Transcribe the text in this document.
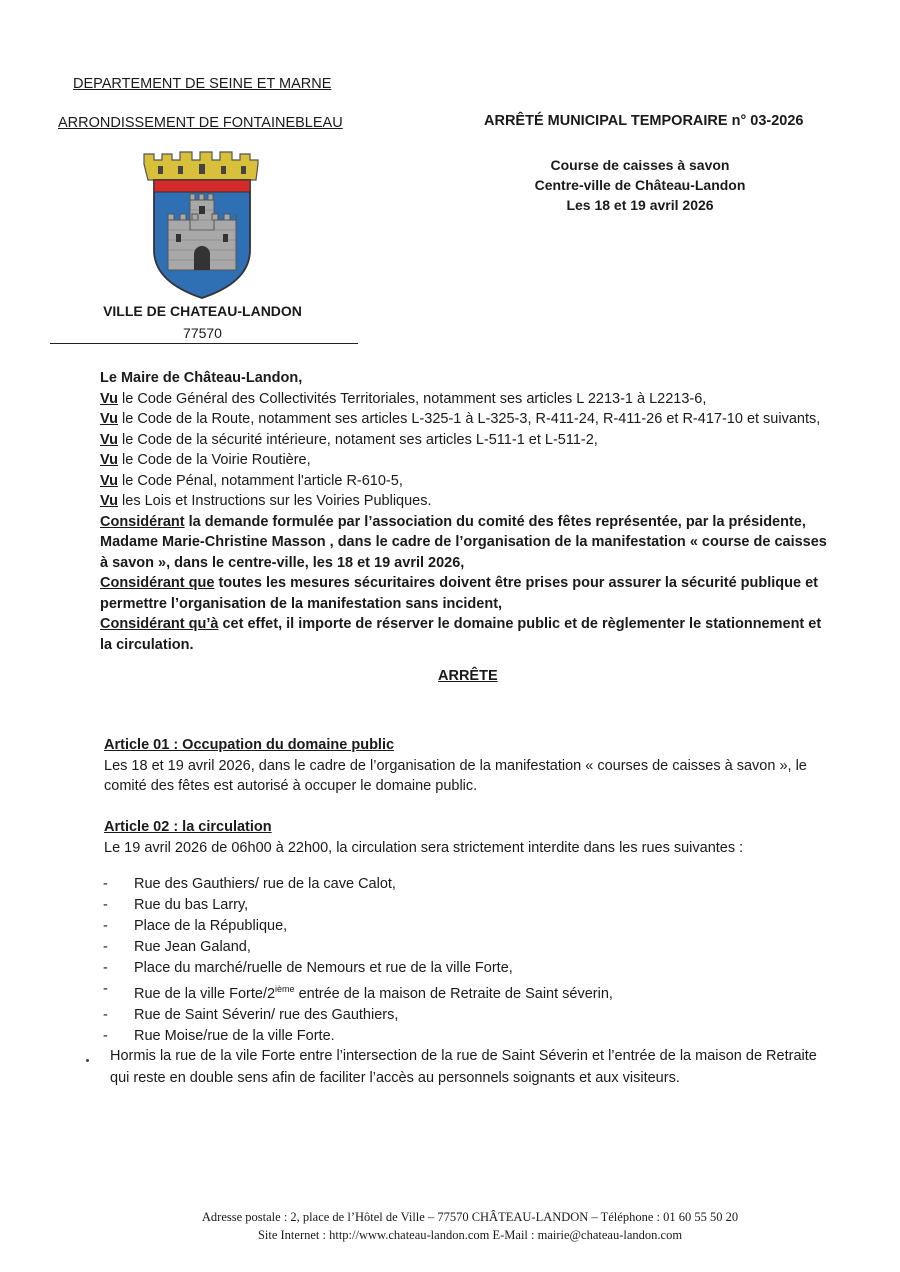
DEPARTEMENT DE SEINE ET MARNE
ARRONDISSEMENT DE FONTAINEBLEAU	ARRÊTÉ MUNICIPAL TEMPORAIRE n° 03-2026
Course de caisses à savon
Centre-ville de Château-Landon
Les 18 et 19 avril 2026
VILLE DE CHATEAU-LANDON
77570
Le Maire de Château-Landon,
Vu le Code Général des Collectivités Territoriales, notamment ses articles L 2213-1 à L2213-6,
Vu le Code de la Route, notamment ses articles L-325-1 à L-325-3, R-411-24, R-411-26 et R-417-10 et suivants,
Vu le Code de la sécurité intérieure, notament ses articles L-511-1 et L-511-2,
Vu le Code de la Voirie Routière,
Vu le Code Pénal, notamment l'article R-610-5,
Vu les Lois et Instructions sur les Voiries Publiques.
Considérant la demande formulée par l’association du comité des fêtes représentée, par la présidente,
Madame Marie-Christine Masson , dans le cadre de l’organisation de la manifestation « course de caisses
à savon », dans le centre-ville, les 18 et 19 avril 2026,
Considérant que toutes les mesures sécuritaires doivent être prises pour assurer la sécurité publique et
permettre l’organisation de la manifestation sans incident,
Considérant qu’à cet effet, il importe de réserver le domaine public et de règlementer le stationnement et
la circulation.
ARRÊTE
Article 01 : Occupation du domaine public
Les 18 et 19 avril 2026, dans le cadre de l’organisation de la manifestation « courses de caisses à savon », le
comité des fêtes est autorisé à occuper le domaine public.
Article 02 : la circulation
Le 19 avril 2026 de 06h00 à 22h00, la circulation sera strictement interdite dans les rues suivantes :
-	Rue des Gauthiers/ rue de la cave Calot,
-	Rue du bas Larry,
-	Place de la République,
-	Rue Jean Galand,
-	Place du marché/ruelle de Nemours et rue de la ville Forte,
-	Rue de la ville Forte/2ième entrée de la maison de Retraite de Saint séverin,
-	Rue de Saint Séverin/ rue des Gauthiers,
-	Rue Moise/rue de la ville Forte.
Hormis la rue de la vile Forte entre l’intersection de la rue de Saint Séverin et l’entrée de la maison de Retraite
qui reste en double sens afin de faciliter l’accès au personnels soignants et aux visiteurs.
Adresse postale : 2, place de l’Hôtel de Ville – 77570 CHÂTEAU-LANDON – Téléphone : 01 60 55 50 20
Site Internet : http://www.chateau-landon.com E-Mail : mairie@chateau-landon.com
